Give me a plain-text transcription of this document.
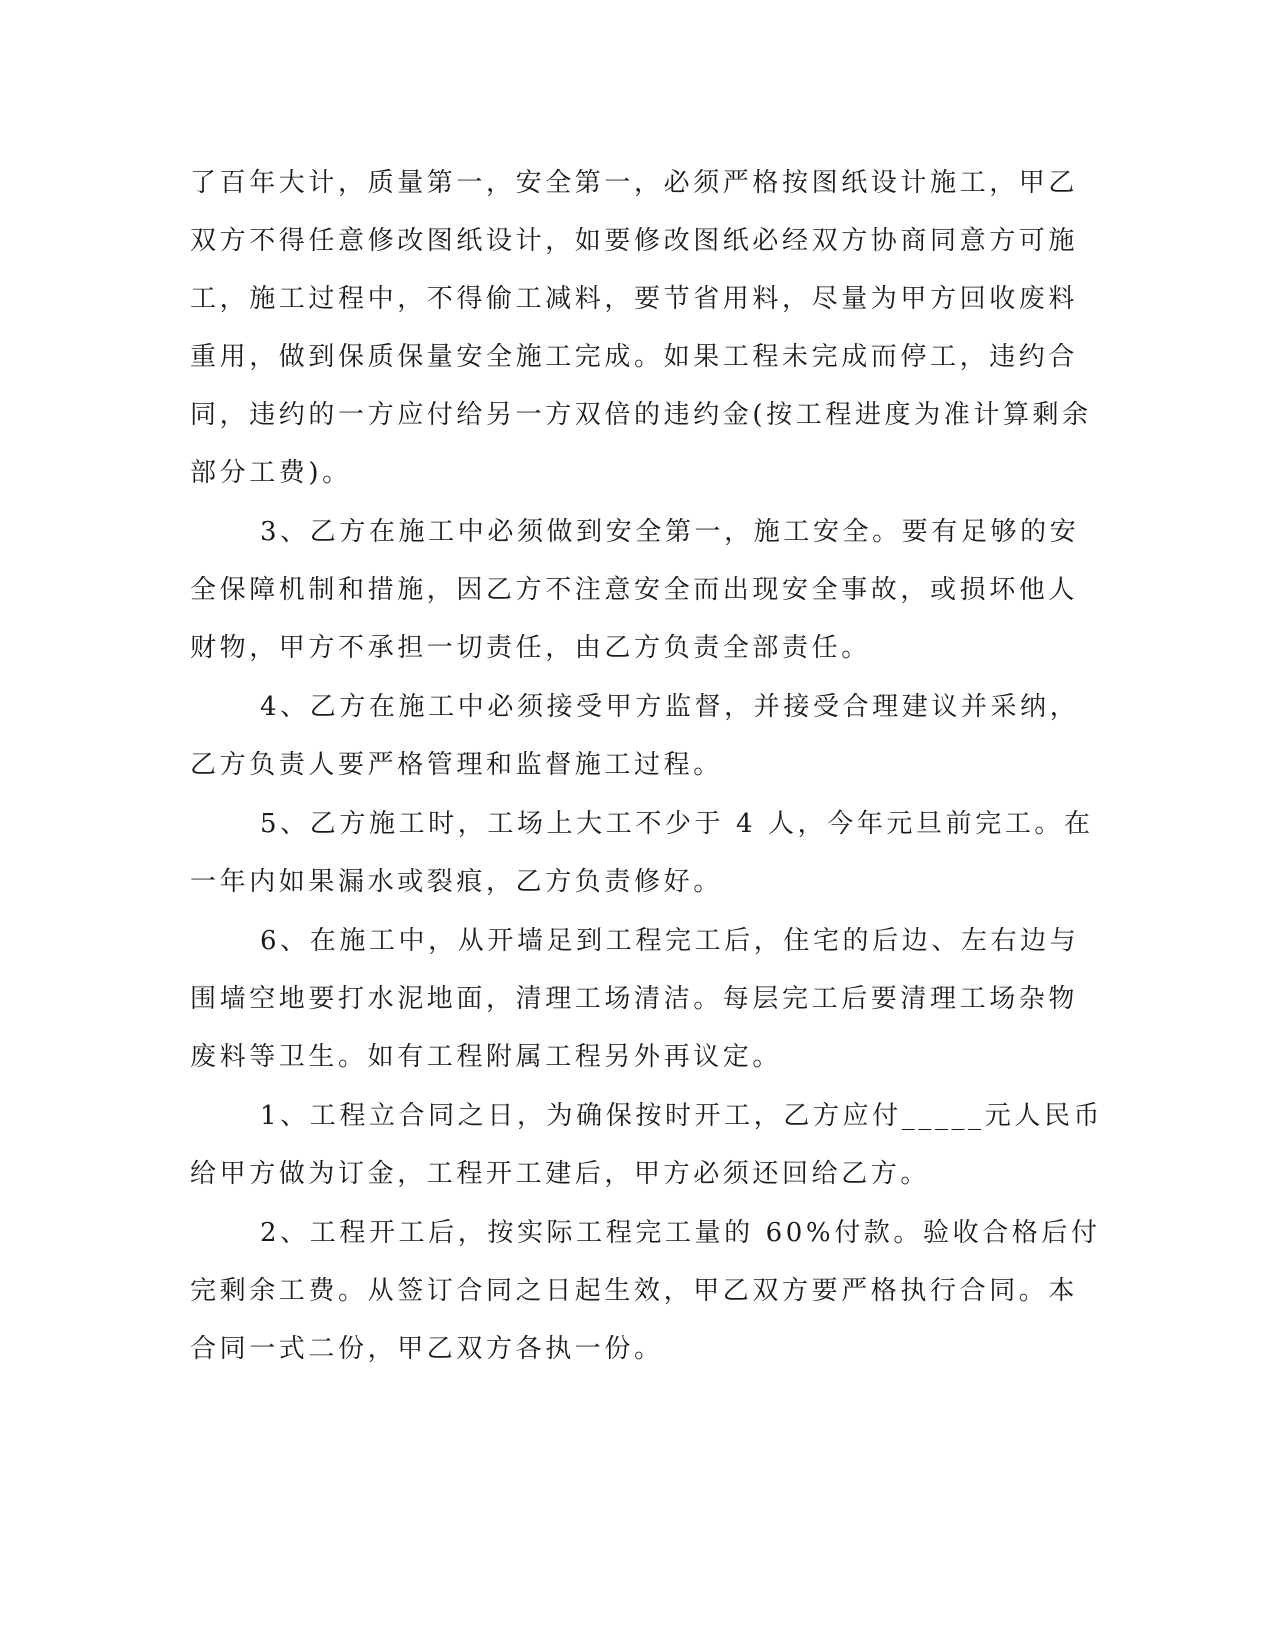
了百年大计，质量第一，安全第一，必须严格按图纸设计施工，甲乙

双方不得任意修改图纸设计，如要修改图纸必经双方协商同意方可施

工，施工过程中，不得偷工减料，要节省用料，尽量为甲方回收废料

重用，做到保质保量安全施工完成。如果工程未完成而停工，违约合

同，违约的一方应付给另一方双倍的违约金(按工程进度为准计算剩余

部分工费)。

3、乙方在施工中必须做到安全第一，施工安全。要有足够的安

全保障机制和措施，因乙方不注意安全而出现安全事故，或损坏他人

财物，甲方不承担一切责任，由乙方负责全部责任。

4、乙方在施工中必须接受甲方监督，并接受合理建议并采纳，

乙方负责人要严格管理和监督施工过程。

5、乙方施工时，工场上大工不少于 4 人，今年元旦前完工。在

一年内如果漏水或裂痕，乙方负责修好。

6、在施工中，从开墙足到工程完工后，住宅的后边、左右边与

围墙空地要打水泥地面，清理工场清洁。每层完工后要清理工场杂物

废料等卫生。如有工程附属工程另外再议定。

1、工程立合同之日，为确保按时开工，乙方应付_____元人民币

给甲方做为订金，工程开工建后，甲方必须还回给乙方。

2、工程开工后，按实际工程完工量的 60%付款。验收合格后付

完剩余工费。从签订合同之日起生效，甲乙双方要严格执行合同。本

合同一式二份，甲乙双方各执一份。
